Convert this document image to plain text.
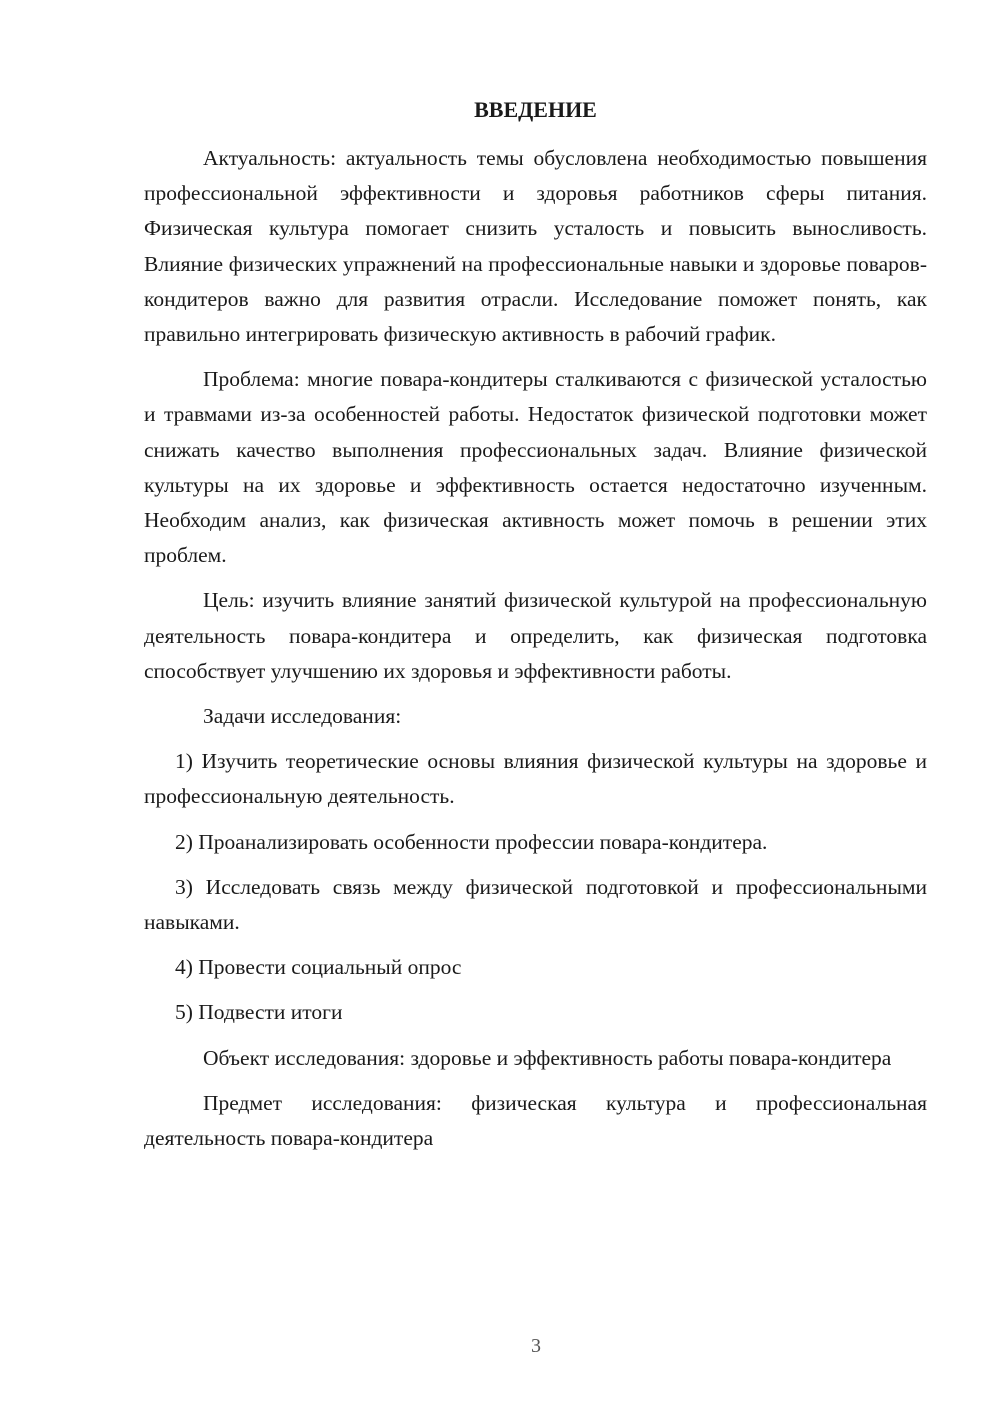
ВВЕДЕНИЕ

Актуальность: актуальность темы обусловлена необходимостью повышения профессиональной эффективности и здоровья работников сферы питания. Физическая культура помогает снизить усталость и повысить выносливость. Влияние физических упражнений на профессиональные навыки и здоровье поваров-кондитеров важно для развития отрасли. Исследование поможет понять, как правильно интегрировать физическую активность в рабочий график.

Проблема: многие повара-кондитеры сталкиваются с физической усталостью и травмами из-за особенностей работы. Недостаток физической подготовки может снижать качество выполнения профессиональных задач. Влияние физической культуры на их здоровье и эффективность остается недостаточно изученным. Необходим анализ, как физическая активность может помочь в решении этих проблем.

Цель: изучить влияние занятий физической культурой на профессиональную деятельность повара-кондитера и определить, как физическая подготовка способствует улучшению их здоровья и эффективности работы.

Задачи исследования:

1) Изучить теоретические основы влияния физической культуры на здоровье и профессиональную деятельность.

2) Проанализировать особенности профессии повара-кондитера.

3) Исследовать связь между физической подготовкой и профессиональными навыками.

4) Провести социальный опрос

5) Подвести итоги

Объект исследования: здоровье и эффективность работы повара-кондитера

Предмет исследования: физическая культура и профессиональная деятельность повара-кондитера

3
